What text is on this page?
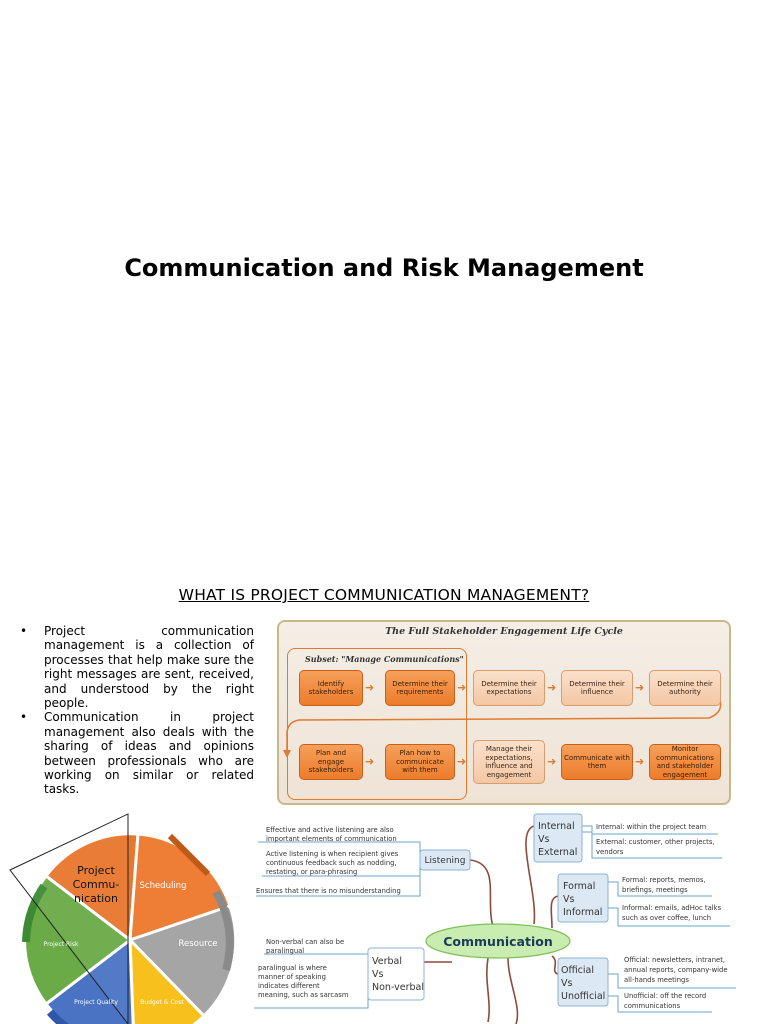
Communication and Risk Management
WHAT IS PROJECT COMMUNICATION MANAGEMENT?
• Project communication management is a collection of processes that help make sure the right messages are sent, received, and understood by the right people.
• Communication in project management also deals with the sharing of ideas and opinions between professionals who are working on similar or related tasks.
The Full Stakeholder Engagement Life Cycle
Subset: "Manage Communications"
Identify stakeholders	➜	Determine their requirements	➜	Determine their expectations	➜	Determine their influence	➜	Determine their authority
Plan and engage stakeholders
➜
Plan how to communicate with them
➜
Manage their expectations, influence and engagement
➜	Communicate with them	➜
Monitor communications and stakeholder engagement
Project
Commu-
nication
Scheduling
Resource
Budget & Cost
Project Quality
Project Risk	Communication
Listening
Effective and active listening are also
important elements of communication
Active listening is when recipient gives
continuous feedback such as nodding,
restating, or para-phrasing
Ensures that there is no misunderstanding
Verbal
Vs
Non-verbal
Non-verbal can also be
paralingual
paralingual is where
manner of speaking
indicates different
meaning, such as sarcasm
Internal
Vs
External
Internal: within the project team
External: customer, other projects,
vendors
Formal
Vs
Informal
Formal: reports, memos,
briefings, meetings
Informal: emails, adHoc talks
such as over coffee, lunch
Official
Vs
Unofficial
Official: newsletters, intranet,
annual reports, company-wide
all-hands meetings
Unofficial: off the record
communications
